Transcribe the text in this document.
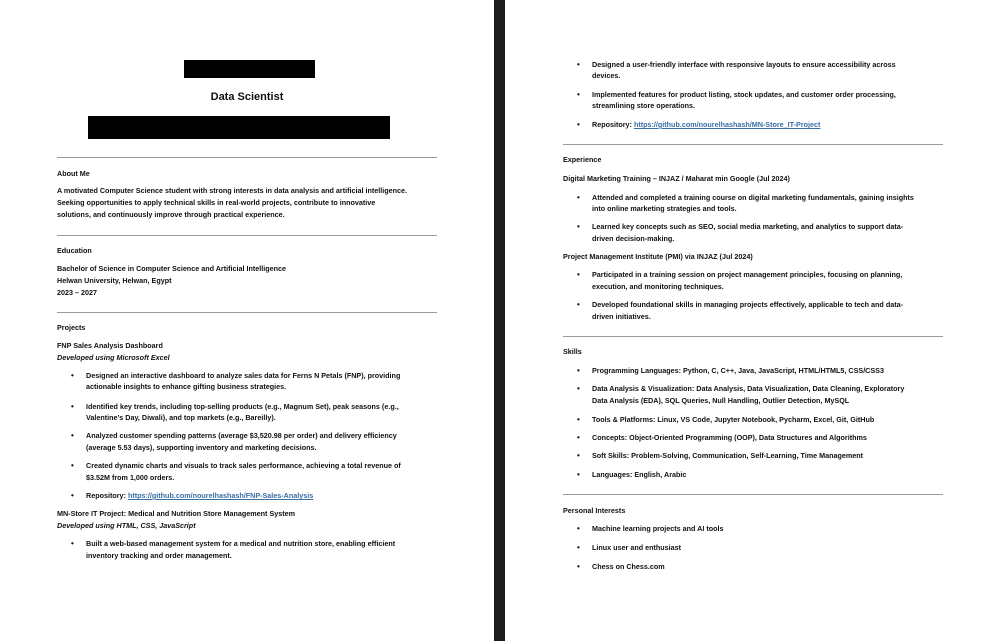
Data Scientist
About Me
A motivated Computer Science student with strong interests in data analysis and artificial intelligence.
Seeking opportunities to apply technical skills in real-world projects, contribute to innovative
solutions, and continuously improve through practical experience.
Education
Bachelor of Science in Computer Science and Artificial Intelligence
Helwan University, Helwan, Egypt
2023 – 2027
Projects
FNP Sales Analysis Dashboard
Developed using Microsoft Excel
• Designed an interactive dashboard to analyze sales data for Ferns N Petals (FNP), providing
actionable insights to enhance gifting business strategies.
• Identified key trends, including top-selling products (e.g., Magnum Set), peak seasons (e.g.,
Valentine’s Day, Diwali), and top markets (e.g., Bareilly).
• Analyzed customer spending patterns (average $3,520.98 per order) and delivery efficiency
(average 5.53 days), supporting inventory and marketing decisions.
• Created dynamic charts and visuals to track sales performance, achieving a total revenue of
$3.52M from 1,000 orders.
• Repository: https://github.com/nourelhashash/FNP-Sales-Analysis
MN-Store IT Project: Medical and Nutrition Store Management System
Developed using HTML, CSS, JavaScript
• Built a web-based management system for a medical and nutrition store, enabling efficient
inventory tracking and order management.
• Designed a user-friendly interface with responsive layouts to ensure accessibility across
devices.
• Implemented features for product listing, stock updates, and customer order processing,
streamlining store operations.
• Repository: https://github.com/nourelhashash/MN-Store_IT-Project
Experience
Digital Marketing Training – INJAZ / Maharat min Google (Jul 2024)
• Attended and completed a training course on digital marketing fundamentals, gaining insights
into online marketing strategies and tools.
• Learned key concepts such as SEO, social media marketing, and analytics to support data-
driven decision-making.
Project Management Institute (PMI) via INJAZ (Jul 2024)
• Participated in a training session on project management principles, focusing on planning,
execution, and monitoring techniques.
• Developed foundational skills in managing projects effectively, applicable to tech and data-
driven initiatives.
Skills
• Programming Languages: Python, C, C++, Java, JavaScript, HTML/HTML5, CSS/CSS3
• Data Analysis & Visualization: Data Analysis, Data Visualization, Data Cleaning, Exploratory
Data Analysis (EDA), SQL Queries, Null Handling, Outlier Detection, MySQL
• Tools & Platforms: Linux, VS Code, Jupyter Notebook, Pycharm, Excel, Git, GitHub
• Concepts: Object-Oriented Programming (OOP), Data Structures and Algorithms
• Soft Skills: Problem-Solving, Communication, Self-Learning, Time Management
• Languages: English, Arabic
Personal Interests
• Machine learning projects and AI tools
• Linux user and enthusiast
• Chess on Chess.com
